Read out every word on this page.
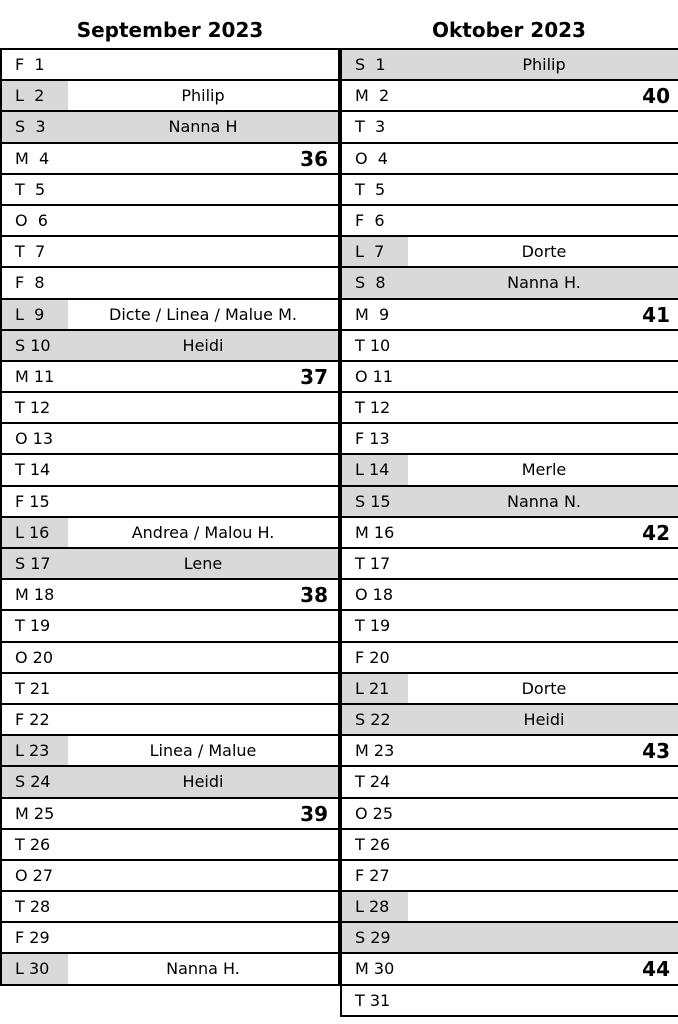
September 2023	Oktober 2023
F  1
L  2	Philip
S  3	Nanna H
M  4	36
T  5
O  6
T  7
F  8
L  9	Dicte / Linea / Malue M.
S 10	Heidi
M 11	37
T 12
O 13
T 14
F 15
L 16	Andrea / Malou H.
S 17	Lene
M 18	38
T 19
O 20
T 21
F 22
L 23	Linea / Malue
S 24	Heidi
M 25	39
T 26
O 27
T 28
F 29
L 30	Nanna H.
S  1	Philip
M  2	40
T  3
O  4
T  5
F  6
L  7	Dorte
S  8	Nanna H.
M  9	41
T 10
O 11
T 12
F 13
L 14	Merle
S 15	Nanna N.
M 16	42
T 17
O 18
T 19
F 20
L 21	Dorte
S 22	Heidi
M 23	43
T 24
O 25
T 26
F 27
L 28
S 29
M 30	44
T 31
